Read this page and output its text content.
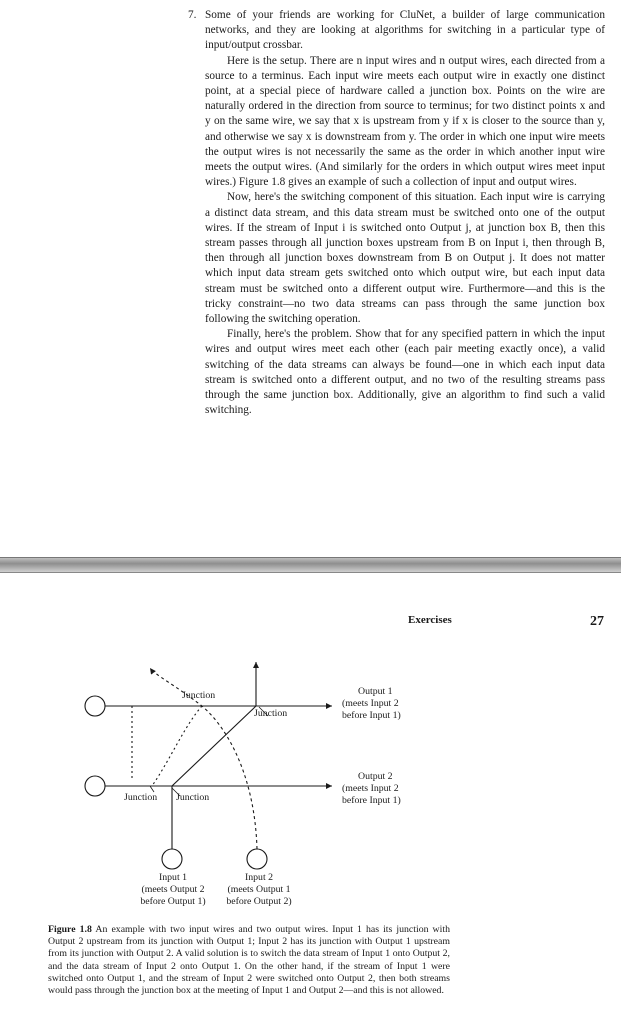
7. Some of your friends are working for CluNet, a builder of large communication networks, and they are looking at algorithms for switching in a particular type of input/output crossbar.

Here is the setup. There are n input wires and n output wires, each directed from a source to a terminus. Each input wire meets each output wire in exactly one distinct point, at a special piece of hardware called a junction box. Points on the wire are naturally ordered in the direction from source to terminus; for two distinct points x and y on the same wire, we say that x is upstream from y if x is closer to the source than y, and otherwise we say x is downstream from y. The order in which one input wire meets the output wires is not necessarily the same as the order in which another input wire meets the output wires. (And similarly for the orders in which output wires meet input wires.) Figure 1.8 gives an example of such a collection of input and output wires.

Now, here's the switching component of this situation. Each input wire is carrying a distinct data stream, and this data stream must be switched onto one of the output wires. If the stream of Input i is switched onto Output j, at junction box B, then this stream passes through all junction boxes upstream from B on Input i, then through B, then through all junction boxes downstream from B on Output j. It does not matter which input data stream gets switched onto which output wire, but each input data stream must be switched onto a different output wire. Furthermore—and this is the tricky constraint—no two data streams can pass through the same junction box following the switching operation.

Finally, here's the problem. Show that for any specified pattern in which the input wires and output wires meet each other (each pair meeting exactly once), a valid switching of the data streams can always be found—one in which each input data stream is switched onto a different output, and no two of the resulting streams pass through the same junction box. Additionally, give an algorithm to find such a valid switching.

Exercises	27
Junction
Junction
Junction Junction
Output 1
(meets Input 2
before Input 1)
Output 2
(meets Input 2
before Input 1)
Input 1
(meets Output 2
before Output 1)
Input 2
(meets Output 1
before Output 2)
Figure 1.8 An example with two input wires and two output wires. Input 1 has its junction with Output 2 upstream from its junction with Output 1; Input 2 has its junction with Output 1 upstream from its junction with Output 2. A valid solution is to switch the data stream of Input 1 onto Output 2, and the data stream of Input 2 onto Output 1. On the other hand, if the stream of Input 1 were switched onto Output 1, and the stream of Input 2 were switched onto Output 2, then both streams would pass through the junction box at the meeting of Input 1 and Output 2—and this is not allowed.
